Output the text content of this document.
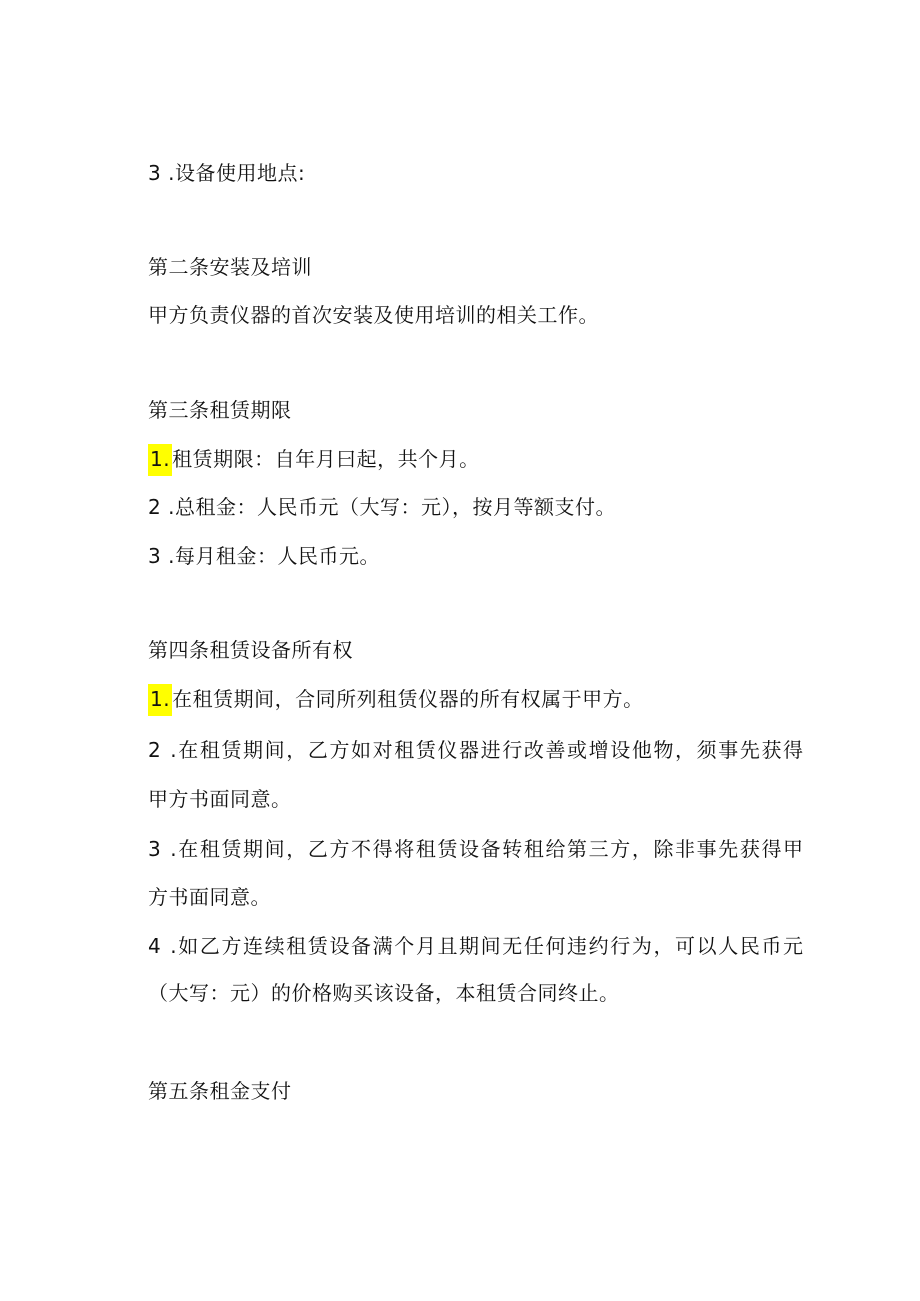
3 .设备使用地点:
第二条安装及培训
甲方负责仪器的首次安装及使用培训的相关工作。
第三条租赁期限
1. 租赁期限：自年月曰起，共个月。
2 .总租金：人民币元（大写：元），按月等额支付。
3 .每月租金：人民币元。
第四条租赁设备所有权
1. 在租赁期间，合同所列租赁仪器的所有权属于甲方。
2 .在租赁期间，乙方如对租赁仪器进行改善或增设他物，须事先获得
甲方书面同意。
3 .在租赁期间，乙方不得将租赁设备转租给第三方，除非事先获得甲
方书面同意。
4 .如乙方连续租赁设备满个月且期间无任何违约行为，可以人民币元
（大写：元）的价格购买该设备，本租赁合同终止。
第五条租金支付
